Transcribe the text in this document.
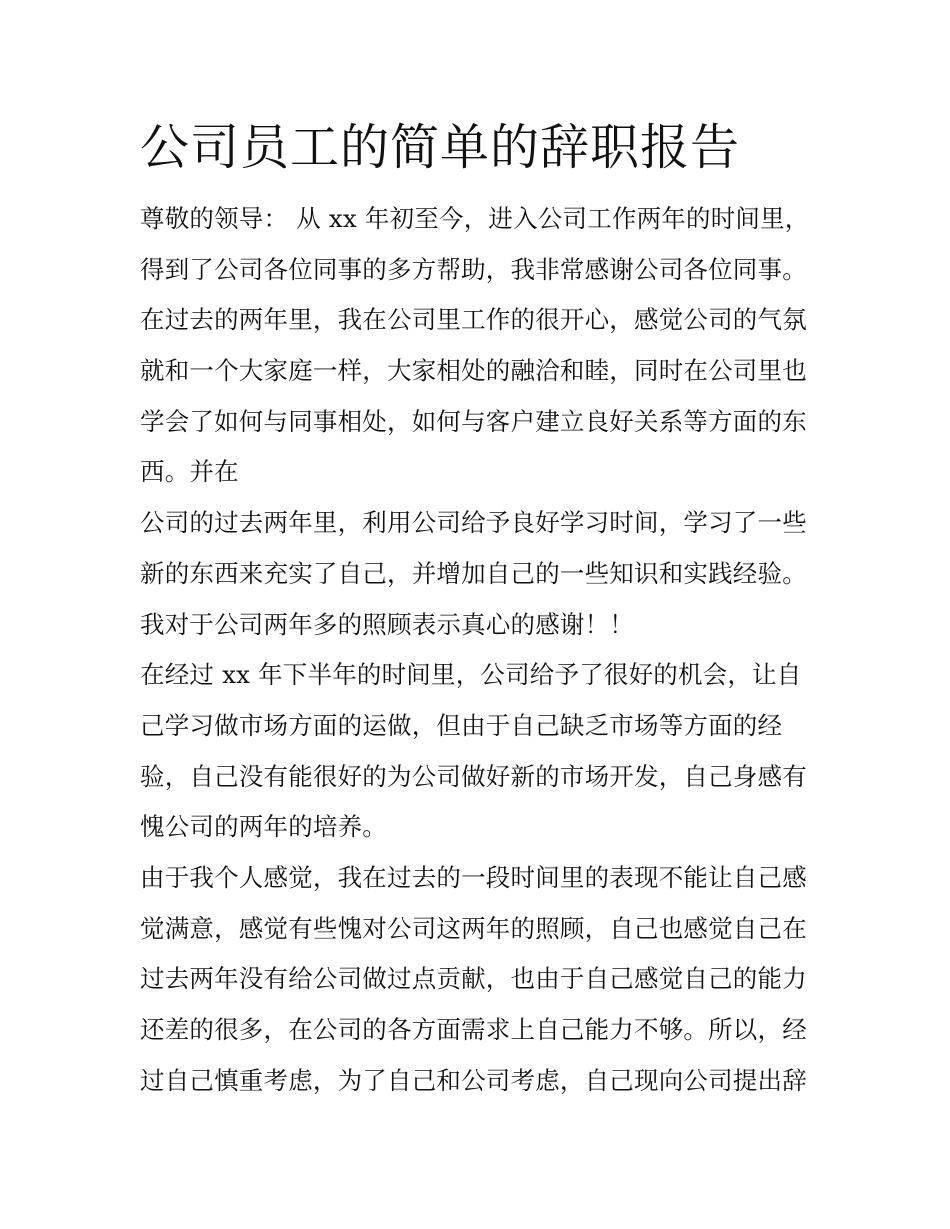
公司员工的简单的辞职报告
尊敬的领导： 从 xx 年初至今，进入公司工作两年的时间里，
得到了公司各位同事的多方帮助，我非常感谢公司各位同事。
在过去的两年里，我在公司里工作的很开心，感觉公司的气氛
就和一个大家庭一样，大家相处的融洽和睦，同时在公司里也
学会了如何与同事相处，如何与客户建立良好关系等方面的东
西。并在
公司的过去两年里，利用公司给予良好学习时间，学习了一些
新的东西来充实了自己，并增加自己的一些知识和实践经验。
我对于公司两年多的照顾表示真心的感谢！！
在经过 xx 年下半年的时间里，公司给予了很好的机会，让自
己学习做市场方面的运做，但由于自己缺乏市场等方面的经
验，自己没有能很好的为公司做好新的市场开发，自己身感有
愧公司的两年的培养。
由于我个人感觉，我在过去的一段时间里的表现不能让自己感
觉满意，感觉有些愧对公司这两年的照顾，自己也感觉自己在
过去两年没有给公司做过点贡献，也由于自己感觉自己的能力
还差的很多，在公司的各方面需求上自己能力不够。所以，经
过自己慎重考虑，为了自己和公司考虑，自己现向公司提出辞
